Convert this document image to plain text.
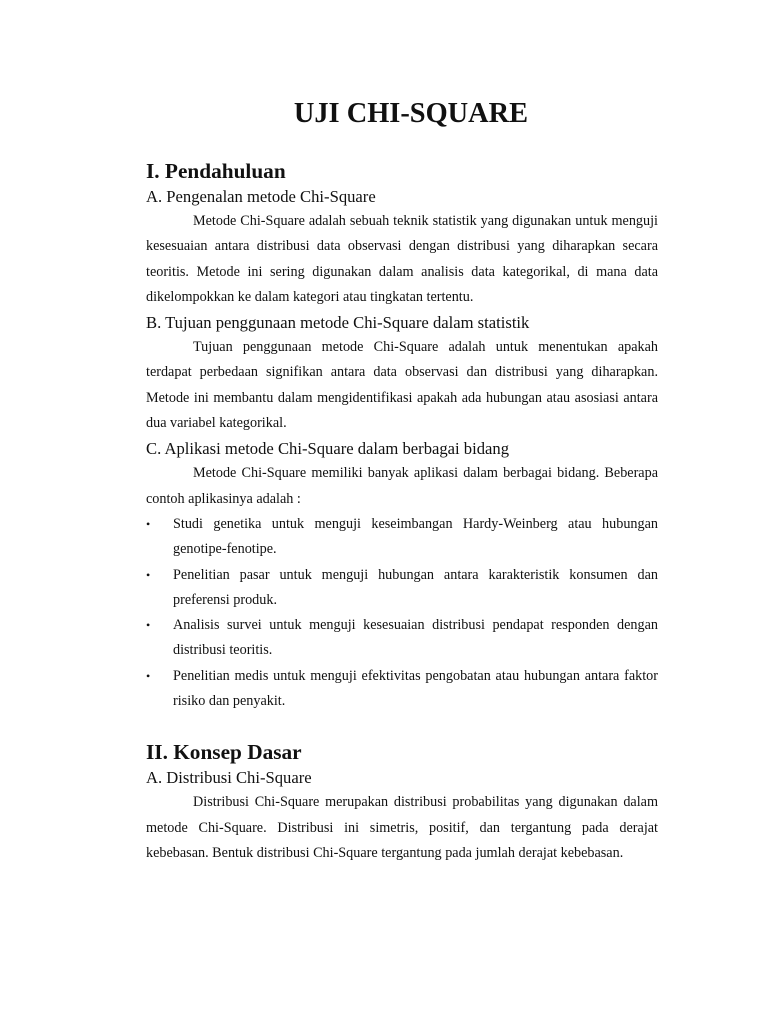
UJI CHI-SQUARE
I. Pendahuluan
A. Pengenalan metode Chi-Square

Metode Chi-Square adalah sebuah teknik statistik yang digunakan untuk menguji kesesuaian antara distribusi data observasi dengan distribusi yang diharapkan secara teoritis. Metode ini sering digunakan dalam analisis data kategorikal, di mana data dikelompokkan ke dalam kategori atau tingkatan tertentu.

B. Tujuan penggunaan metode Chi-Square dalam statistik

Tujuan penggunaan metode Chi-Square adalah untuk menentukan apakah terdapat perbedaan signifikan antara data observasi dan distribusi yang diharapkan. Metode ini membantu dalam mengidentifikasi apakah ada hubungan atau asosiasi antara dua variabel kategorikal.

C. Aplikasi metode Chi-Square dalam berbagai bidang

Metode Chi-Square memiliki banyak aplikasi dalam berbagai bidang. Beberapa contoh aplikasinya adalah :

• Studi genetika untuk menguji keseimbangan Hardy-Weinberg atau hubungan genotipe-fenotipe.
• Penelitian pasar untuk menguji hubungan antara karakteristik konsumen dan preferensi produk.
• Analisis survei untuk menguji kesesuaian distribusi pendapat responden dengan distribusi teoritis.
• Penelitian medis untuk menguji efektivitas pengobatan atau hubungan antara faktor risiko dan penyakit.
II. Konsep Dasar
A. Distribusi Chi-Square

Distribusi Chi-Square merupakan distribusi probabilitas yang digunakan dalam metode Chi-Square. Distribusi ini simetris, positif, dan tergantung pada derajat kebebasan. Bentuk distribusi Chi-Square tergantung pada jumlah derajat kebebasan.
